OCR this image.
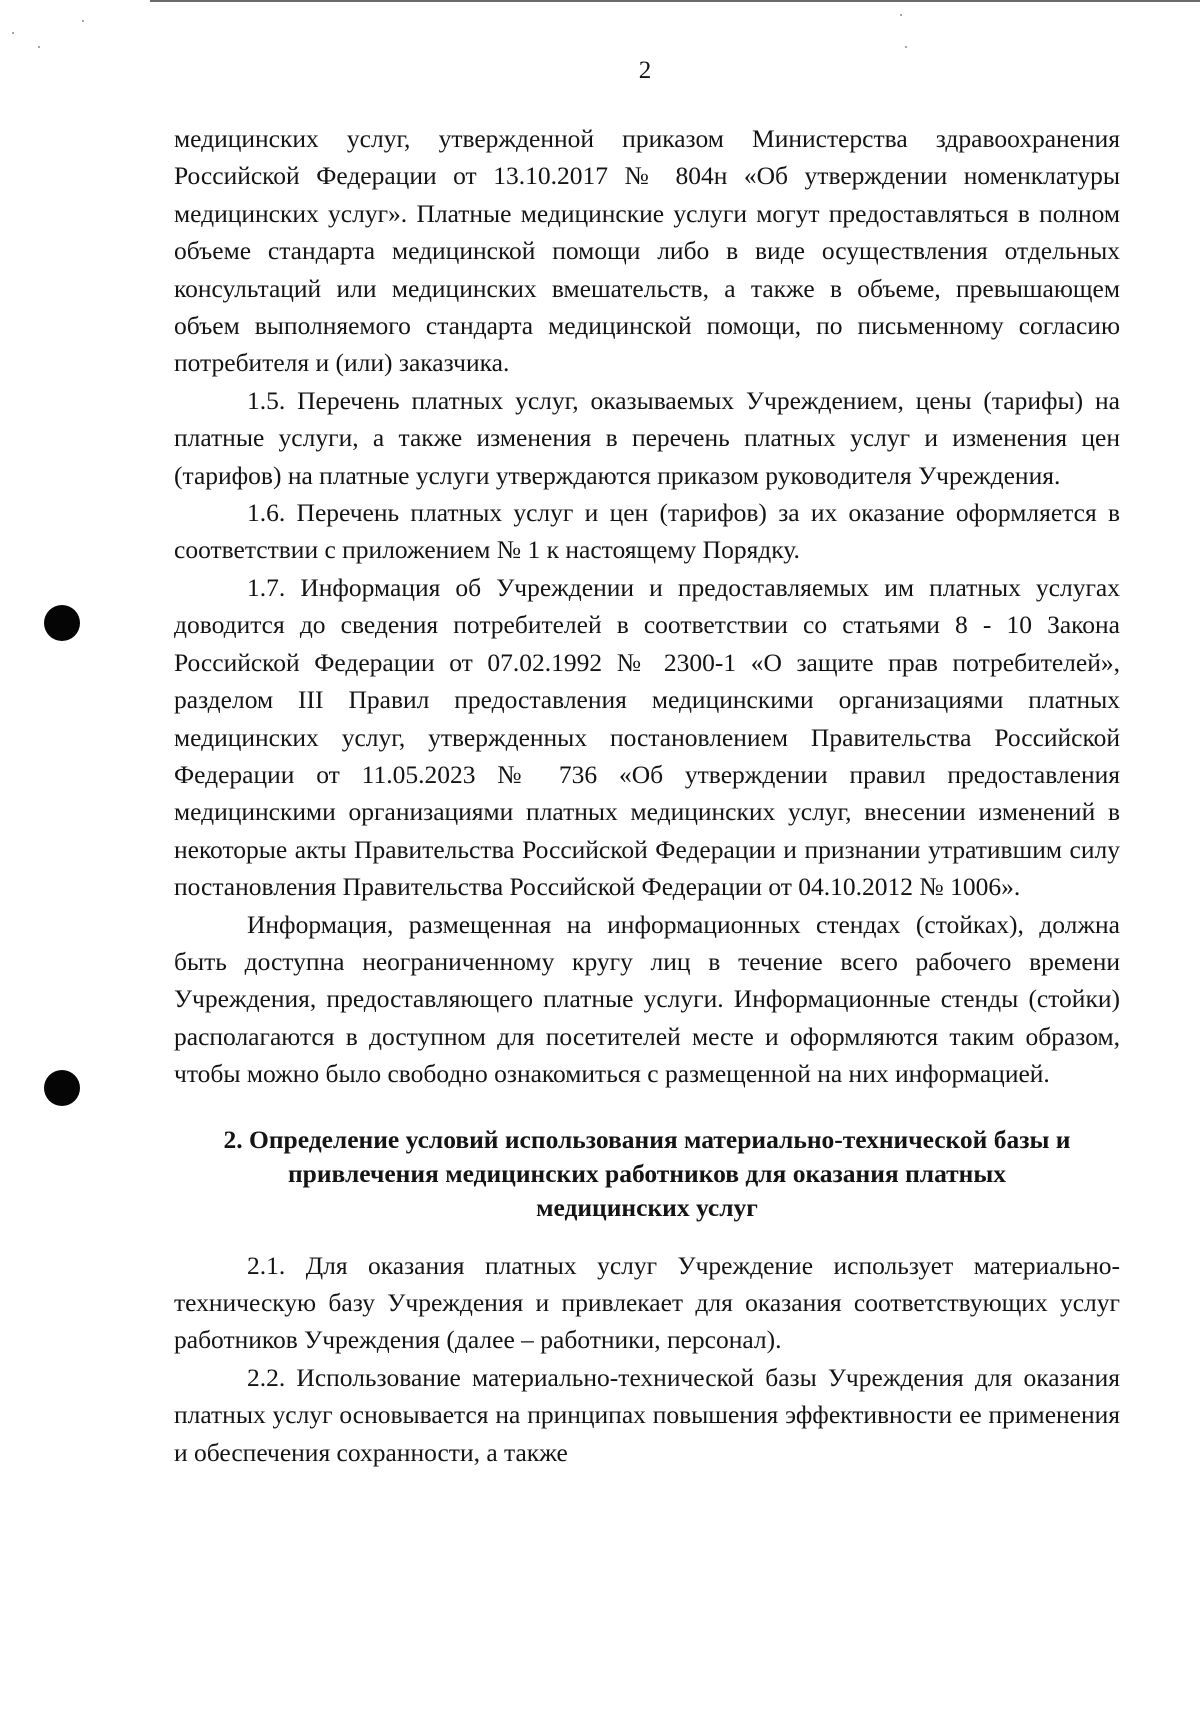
2

медицинских услуг, утвержденной приказом Министерства здравоохранения Российской Федерации от 13.10.2017 № 804н «Об утверждении номенклатуры медицинских услуг». Платные медицинские услуги могут предоставляться в полном объеме стандарта медицинской помощи либо в виде осуществления отдельных консультаций или медицинских вмешательств, а также в объеме, превышающем объем выполняемого стандарта медицинской помощи, по письменному согласию потребителя и (или) заказчика.

1.5. Перечень платных услуг, оказываемых Учреждением, цены (тарифы) на платные услуги, а также изменения в перечень платных услуг и изменения цен (тарифов) на платные услуги утверждаются приказом руководителя Учреждения.

1.6. Перечень платных услуг и цен (тарифов) за их оказание оформляется в соответствии с приложением № 1 к настоящему Порядку.

1.7. Информация об Учреждении и предоставляемых им платных услугах доводится до сведения потребителей в соответствии со статьями 8 - 10 Закона Российской Федерации от 07.02.1992 № 2300-1 «О защите прав потребителей», разделом III Правил предоставления медицинскими организациями платных медицинских услуг, утвержденных постановлением Правительства Российской Федерации от 11.05.2023 № 736 «Об утверждении правил предоставления медицинскими организациями платных медицинских услуг, внесении изменений в некоторые акты Правительства Российской Федерации и признании утратившим силу постановления Правительства Российской Федерации от 04.10.2012 № 1006».

Информация, размещенная на информационных стендах (стойках), должна быть доступна неограниченному кругу лиц в течение всего рабочего времени Учреждения, предоставляющего платные услуги. Информационные стенды (стойки) располагаются в доступном для посетителей месте и оформляются таким образом, чтобы можно было свободно ознакомиться с размещенной на них информацией.

2. Определение условий использования материально-технической базы и
привлечения медицинских работников для оказания платных
медицинских услуг

2.1. Для оказания платных услуг Учреждение использует материально-техническую базу Учреждения и привлекает для оказания соответствующих услуг работников Учреждения (далее – работники, персонал).

2.2. Использование материально-технической базы Учреждения для оказания платных услуг основывается на принципах повышения эффективности ее применения и обеспечения сохранности, а также
